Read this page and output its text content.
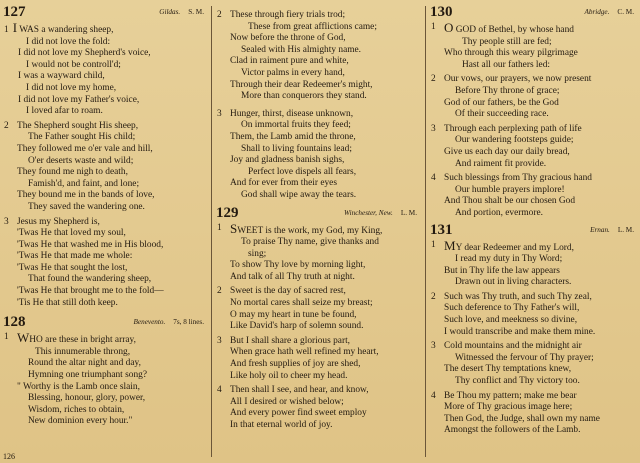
127	Gildas. S. M.
1 I WAS a wandering sheep,
I did not love the fold:
I did not love my Shepherd's voice,
I would not be controll'd;
I was a wayward child,
I did not love my home,
I did not love my Father's voice,
I loved afar to roam.
2 The Shepherd sought His sheep,
The Father sought His child;
They followed me o'er vale and hill,
O'er deserts waste and wild;
They found me nigh to death,
Famish'd, and faint, and lone;
They bound me in the bands of love,
They saved the wandering one.
3 Jesus my Shepherd is,
'Twas He that loved my soul,
'Twas He that washed me in His blood,
'Twas He that made me whole:
'Twas He that sought the lost,
That found the wandering sheep,
'Twas He that brought me to the fold—
'Tis He that still doth keep.
128	Benevento. 7s, 8 lines.
1 WHO are these in bright array,
This innumerable throng,
Round the altar night and day,
Hymning one triumphant song?
" Worthy is the Lamb once slain,
Blessing, honour, glory, power,
Wisdom, riches to obtain,
New dominion every hour."
2 These through fiery trials trod;
These from great afflictions came;
Now before the throne of God,
Sealed with His almighty name.
Clad in raiment pure and white,
Victor palms in every hand,
Through their dear Redeemer's might,
More than conquerors they stand.
3 Hunger, thirst, disease unknown,
On immortal fruits they feed;
Them, the Lamb amid the throne,
Shall to living fountains lead;
Joy and gladness banish sighs,
Perfect love dispels all fears,
And for ever from their eyes
God shall wipe away the tears.
129	Winchester, New. L. M.
1 SWEET is the work, my God, my King,
To praise Thy name, give thanks and
sing;
To show Thy love by morning light,
And talk of all Thy truth at night.
2 Sweet is the day of sacred rest,
No mortal cares shall seize my breast;
O may my heart in tune be found,
Like David's harp of solemn sound.
3 But I shall share a glorious part,
When grace hath well refined my heart,
And fresh supplies of joy are shed,
Like holy oil to cheer my head.
4 Then shall I see, and hear, and know,
All I desired or wished below;
And every power find sweet employ
In that eternal world of joy.
130	Abridge. C. M.
1 O GOD of Bethel, by whose hand
Thy people still are fed;
Who through this weary pilgrimage
Hast all our fathers led:
2 Our vows, our prayers, we now present
Before Thy throne of grace;
God of our fathers, be the God
Of their succeeding race.
3 Through each perplexing path of life
Our wandering footsteps guide;
Give us each day our daily bread,
And raiment fit provide.
4 Such blessings from Thy gracious hand
Our humble prayers implore!
And Thou shalt be our chosen God
And portion, evermore.
131	Ernan. L. M.
1 MY dear Redeemer and my Lord,
I read my duty in Thy Word;
But in Thy life the law appears
Drawn out in living characters.
2 Such was Thy truth, and such Thy zeal,
Such deference to Thy Father's will,
Such love, and meekness so divine,
I would transcribe and make them mine.
3 Cold mountains and the midnight air
Witnessed the fervour of Thy prayer;
The desert Thy temptations knew,
Thy conflict and Thy victory too.
4 Be Thou my pattern; make me bear
More of Thy gracious image here;
Then God, the Judge, shall own my name
Amongst the followers of the Lamb.
126
